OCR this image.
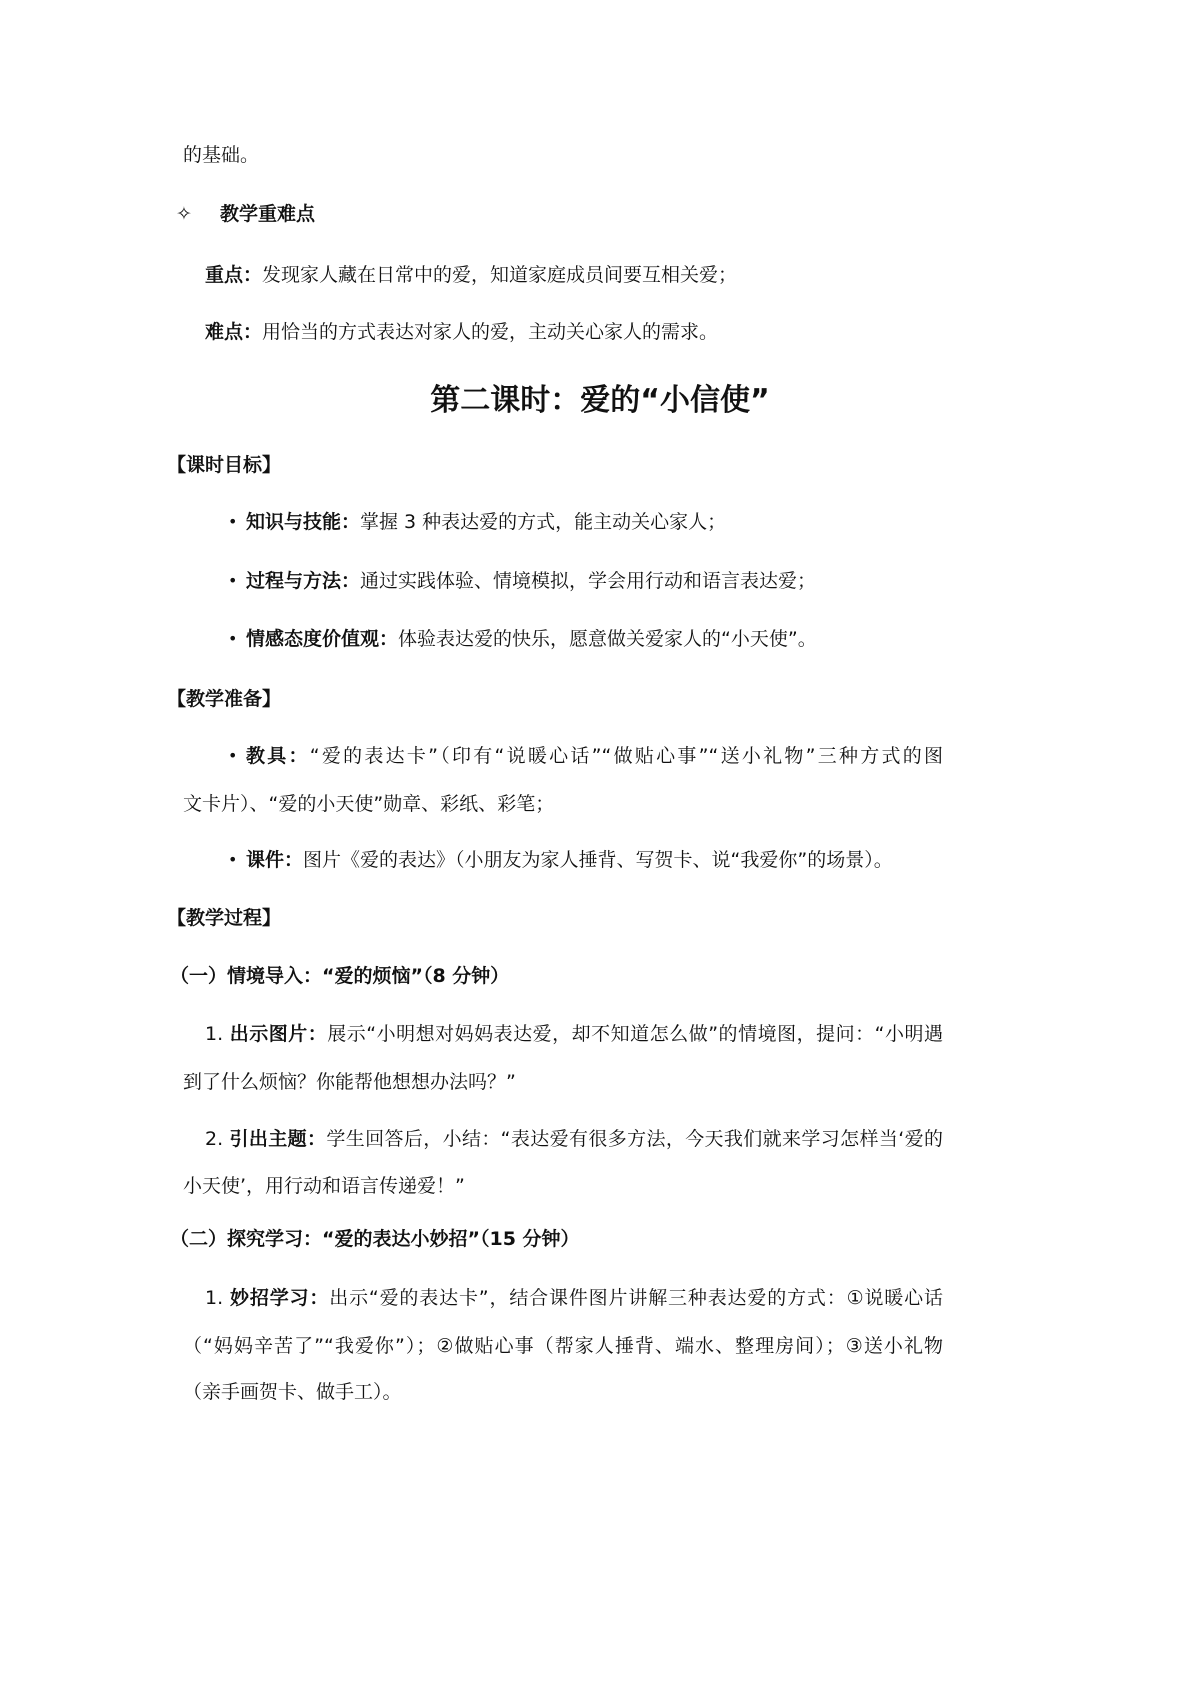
的基础。
✧ 教学重难点
重点：发现家人藏在日常中的爱，知道家庭成员间要互相关爱；
难点：用恰当的方式表达对家人的爱，主动关心家人的需求。
第二课时：爱的“小信使”
【课时目标】
• 知识与技能：掌握 3 种表达爱的方式，能主动关心家人；
• 过程与方法：通过实践体验、情境模拟，学会用行动和语言表达爱；
• 情感态度价值观：体验表达爱的快乐，愿意做关爱家人的“小天使”。
【教学准备】
• 教具：“爱的表达卡”（印有“说暖心话”“做贴心事”“送小礼物”三种方式的图
文卡片）、“爱的小天使”勋章、彩纸、彩笔；
• 课件：图片《爱的表达》（小朋友为家人捶背、写贺卡、说“我爱你”的场景）。
【教学过程】
（一）情境导入：“爱的烦恼”（8 分钟）
1. 出示图片：展示“小明想对妈妈表达爱，却不知道怎么做”的情境图，提问：“小明遇
到了什么烦恼？你能帮他想想办法吗？”
2. 引出主题：学生回答后，小结：“表达爱有很多方法，今天我们就来学习怎样当‘爱的
小天使’，用行动和语言传递爱！”
（二）探究学习：“爱的表达小妙招”（15 分钟）
1. 妙招学习：出示“爱的表达卡”，结合课件图片讲解三种表达爱的方式：①说暖心话
（“妈妈辛苦了”“我爱你”）；②做贴心事（帮家人捶背、端水、整理房间）；③送小礼物
（亲手画贺卡、做手工）。
